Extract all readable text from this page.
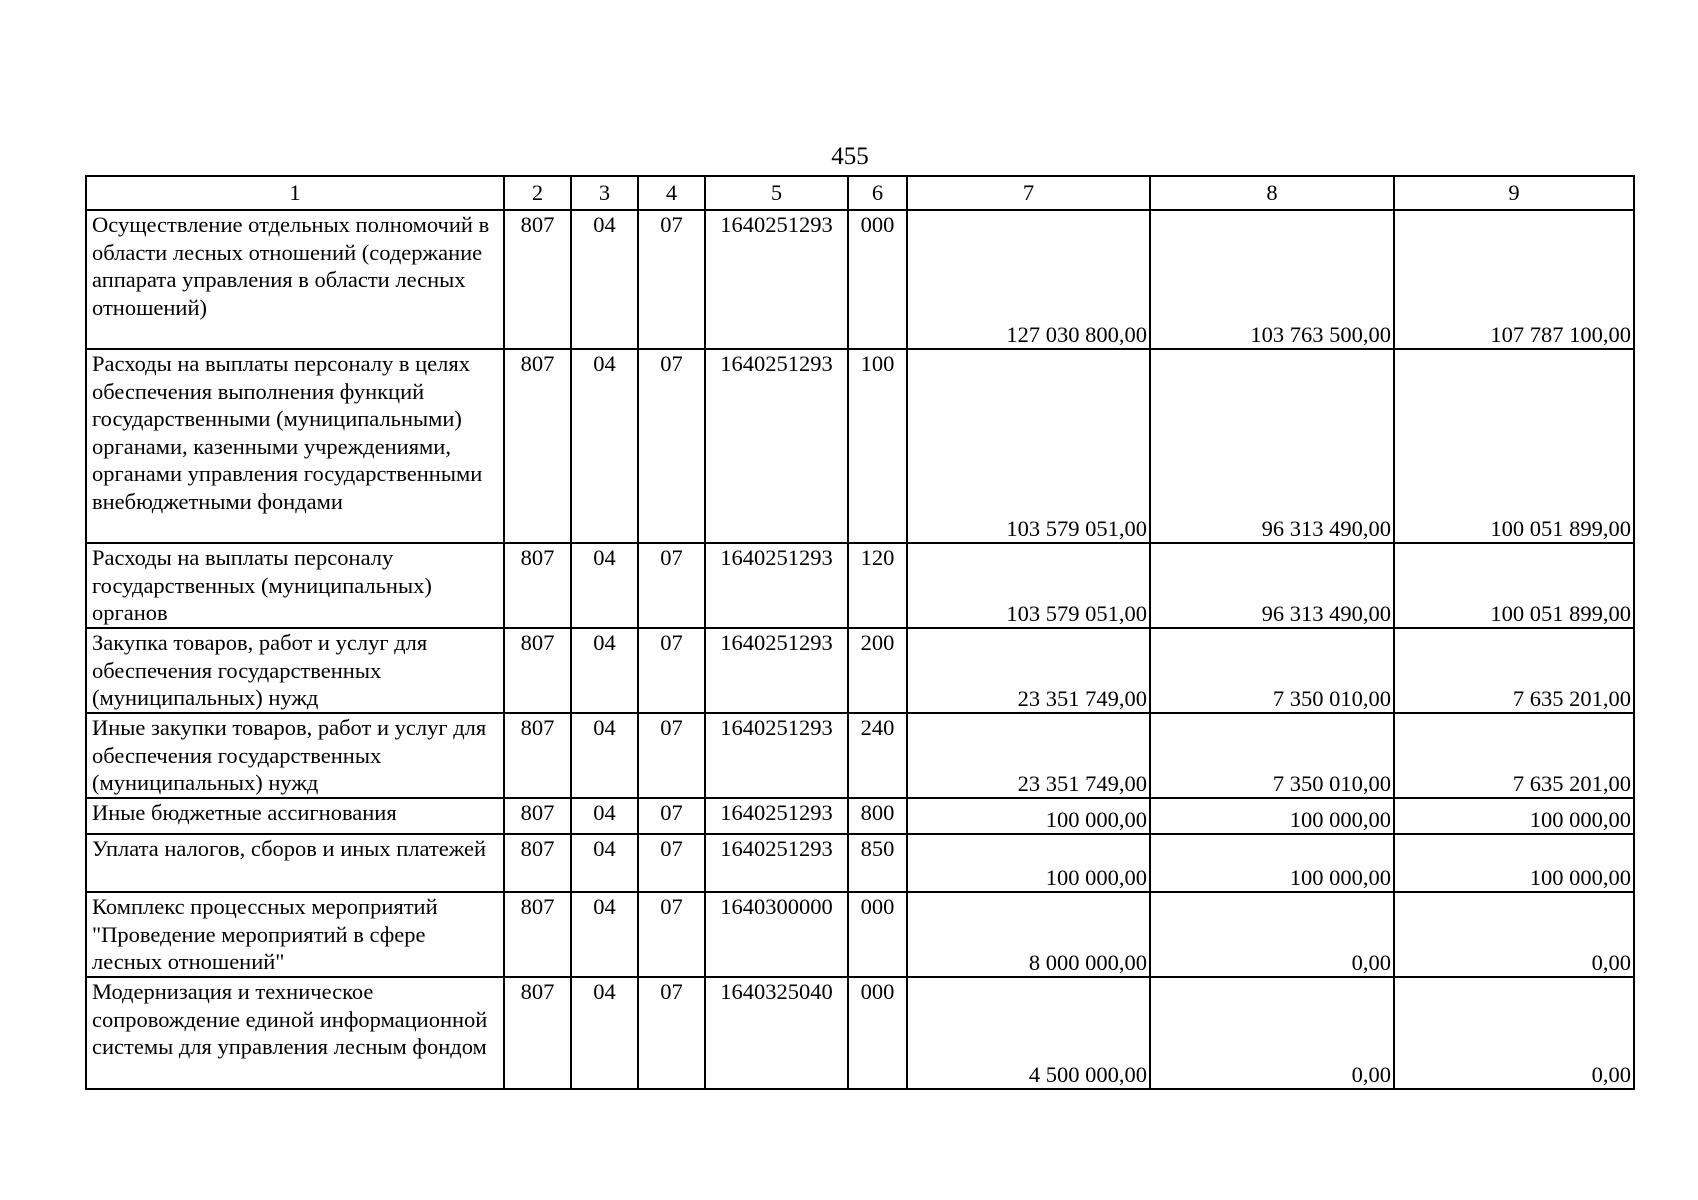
455
1	2	3	4	5	6	7	8	9
Осуществление отдельных полномочий в области лесных отношений (содержание аппарата управления в области лесных отношений)	807	04	07	1640251293	000	127 030 800,00	103 763 500,00	107 787 100,00
Расходы на выплаты персоналу в целях обеспечения выполнения функций государственными (муниципальными) органами, казенными учреждениями, органами управления государственными внебюджетными фондами	807	04	07	1640251293	100	103 579 051,00	96 313 490,00	100 051 899,00
Расходы на выплаты персоналу государственных (муниципальных) органов	807	04	07	1640251293	120	103 579 051,00	96 313 490,00	100 051 899,00
Закупка товаров, работ и услуг для обеспечения государственных (муниципальных) нужд	807	04	07	1640251293	200	23 351 749,00	7 350 010,00	7 635 201,00
Иные закупки товаров, работ и услуг для обеспечения государственных (муниципальных) нужд	807	04	07	1640251293	240	23 351 749,00	7 350 010,00	7 635 201,00
Иные бюджетные ассигнования	807	04	07	1640251293	800	100 000,00	100 000,00	100 000,00
Уплата налогов, сборов и иных платежей	807	04	07	1640251293	850	100 000,00	100 000,00	100 000,00
Комплекс процессных мероприятий "Проведение мероприятий в сфере лесных отношений"	807	04	07	1640300000	000	8 000 000,00	0,00	0,00
Модернизация и техническое сопровождение единой информационной системы для управления лесным фондом	807	04	07	1640325040	000	4 500 000,00	0,00	0,00
